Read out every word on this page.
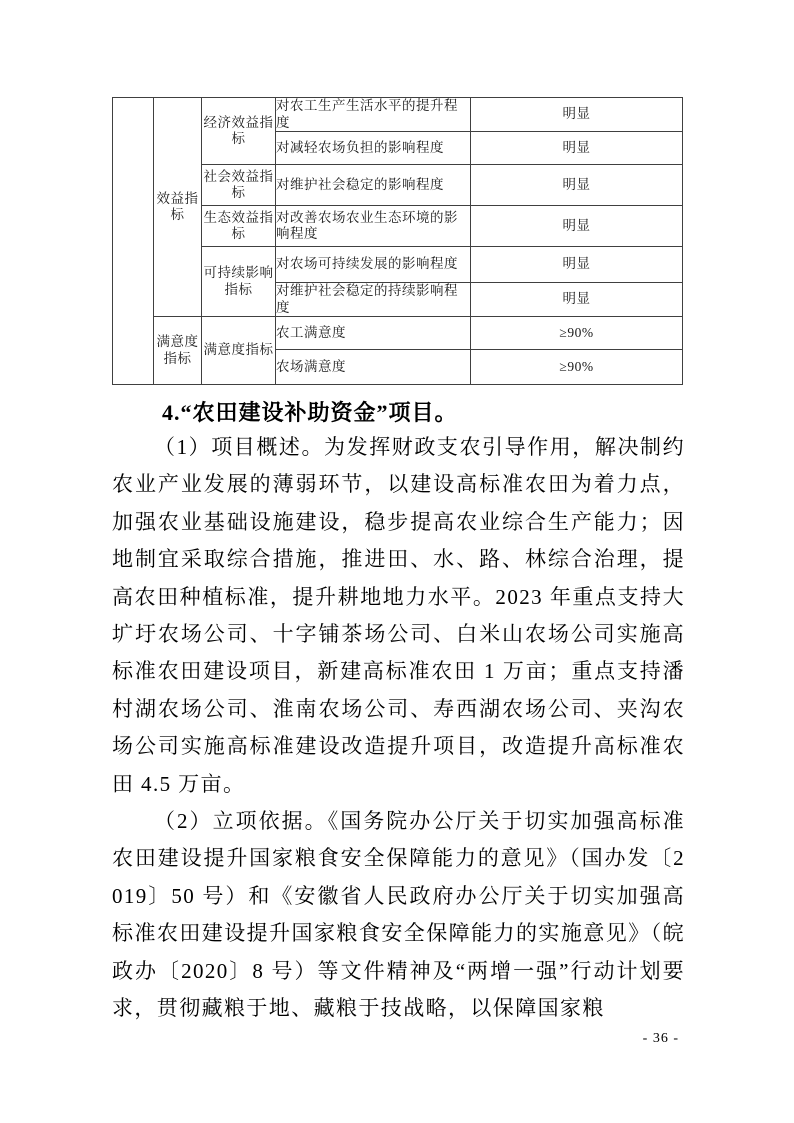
	效益指标	经济效益指标	对农工生产生活水平的提升程度	明显
			对减轻农场负担的影响程度	明显
		社会效益指标	对维护社会稳定的影响程度	明显
		生态效益指标	对改善农场农业生态环境的影响程度	明显
		可持续影响指标	对农场可持续发展的影响程度	明显
			对维护社会稳定的持续影响程度	明显
	满意度指标	满意度指标	农工满意度	≥90%
			农场满意度	≥90%
4.“农田建设补助资金”项目。

（1）项目概述。为发挥财政支农引导作用，解决制约农业产业发展的薄弱环节，以建设高标准农田为着力点，加强农业基础设施建设，稳步提高农业综合生产能力；因地制宜采取综合措施，推进田、水、路、林综合治理，提高农田种植标准，提升耕地地力水平。2023 年重点支持大圹圩农场公司、十字铺茶场公司、白米山农场公司实施高标准农田建设项目，新建高标准农田 1 万亩；重点支持潘村湖农场公司、淮南农场公司、寿西湖农场公司、夹沟农场公司实施高标准建设改造提升项目，改造提升高标准农田 4.5 万亩。

（2）立项依据。《国务院办公厅关于切实加强高标准农田建设提升国家粮食安全保障能力的意见》（国办发〔2019〕50 号）和《安徽省人民政府办公厅关于切实加强高标准农田建设提升国家粮食安全保障能力的实施意见》（皖政办〔2020〕8 号）等文件精神及“两增一强”行动计划要求，贯彻藏粮于地、藏粮于技战略，以保障国家粮

- 36 -
